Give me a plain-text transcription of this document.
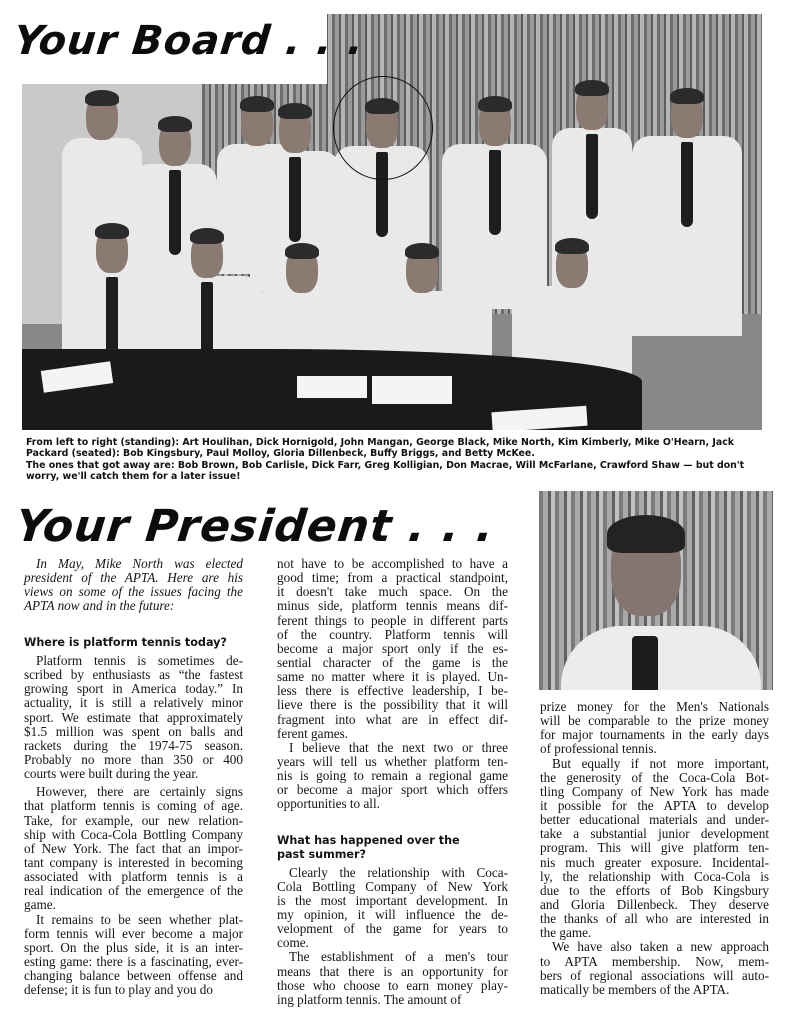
Your Board . . .
From left to right (standing): Art Houlihan, Dick Hornigold, John Mangan, George Black, Mike North, Kim Kimberly, Mike O'Hearn, Jack
Packard (seated): Bob Kingsbury, Paul Molloy, Gloria Dillenbeck, Buffy Briggs, and Betty McKee.
The ones that got away are: Bob Brown, Bob Carlisle, Dick Farr, Greg Kolligian, Don Macrae, Will McFarlane, Crawford Shaw — but don't
worry, we'll catch them for a later issue!
Your President . . .
In May, Mike North was elected
president of the APTA. Here are his
views on some of the issues facing the
APTA now and in the future:
Where is platform tennis today?
Platform tennis is sometimes de-
scribed by enthusiasts as “the fastest
growing sport in America today.” In
actuality, it is still a relatively minor
sport. We estimate that approximately
$1.5 million was spent on balls and
rackets during the 1974-75 season.
Probably no more than 350 or 400
courts were built during the year.
However, there are certainly signs
that platform tennis is coming of age.
Take, for example, our new relation-
ship with Coca-Cola Bottling Company
of New York. The fact that an impor-
tant company is interested in becoming
associated with platform tennis is a
real indication of the emergence of the
game.
It remains to be seen whether plat-
form tennis will ever become a major
sport. On the plus side, it is an inter-
esting game: there is a fascinating, ever-
changing balance between offense and
defense; it is fun to play and you do
not have to be accomplished to have a
good time; from a practical standpoint,
it doesn't take much space. On the
minus side, platform tennis means dif-
ferent things to people in different parts
of the country. Platform tennis will
become a major sport only if the es-
sential character of the game is the
same no matter where it is played. Un-
less there is effective leadership, I be-
lieve there is the possibility that it will
fragment into what are in effect dif-
ferent games.
I believe that the next two or three
years will tell us whether platform ten-
nis is going to remain a regional game
or become a major sport which offers
opportunities to all.
What has happened over the
past summer?
Clearly the relationship with Coca-
Cola Bottling Company of New York
is the most important development. In
my opinion, it will influence the de-
velopment of the game for years to
come.
The establishment of a men's tour
means that there is an opportunity for
those who choose to earn money play-
ing platform tennis. The amount of
prize money for the Men's Nationals
will be comparable to the prize money
for major tournaments in the early days
of professional tennis.
But equally if not more important,
the generosity of the Coca-Cola Bot-
tling Company of New York has made
it possible for the APTA to develop
better educational materials and under-
take a substantial junior development
program. This will give platform ten-
nis much greater exposure. Incidental-
ly, the relationship with Coca-Cola is
due to the efforts of Bob Kingsbury
and Gloria Dillenbeck. They deserve
the thanks of all who are interested in
the game.
We have also taken a new approach
to APTA membership. Now, mem-
bers of regional associations will auto-
matically be members of the APTA.
